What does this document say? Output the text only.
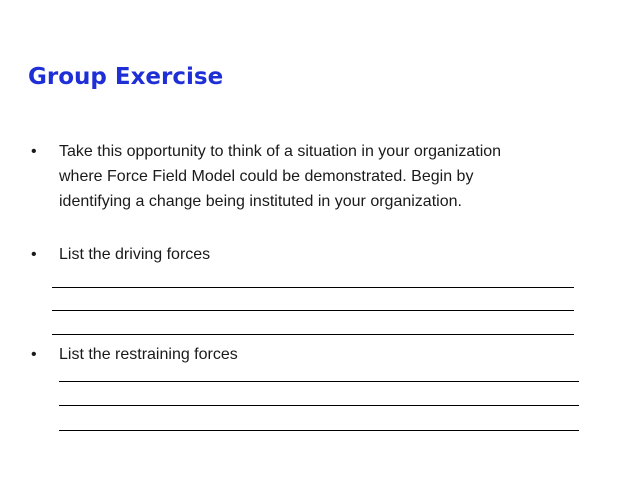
Group Exercise
• Take this opportunity to think of a situation in your organization
where Force Field Model could be demonstrated. Begin by
identifying a change being instituted in your organization.
• List the driving forces
• List the restraining forces
